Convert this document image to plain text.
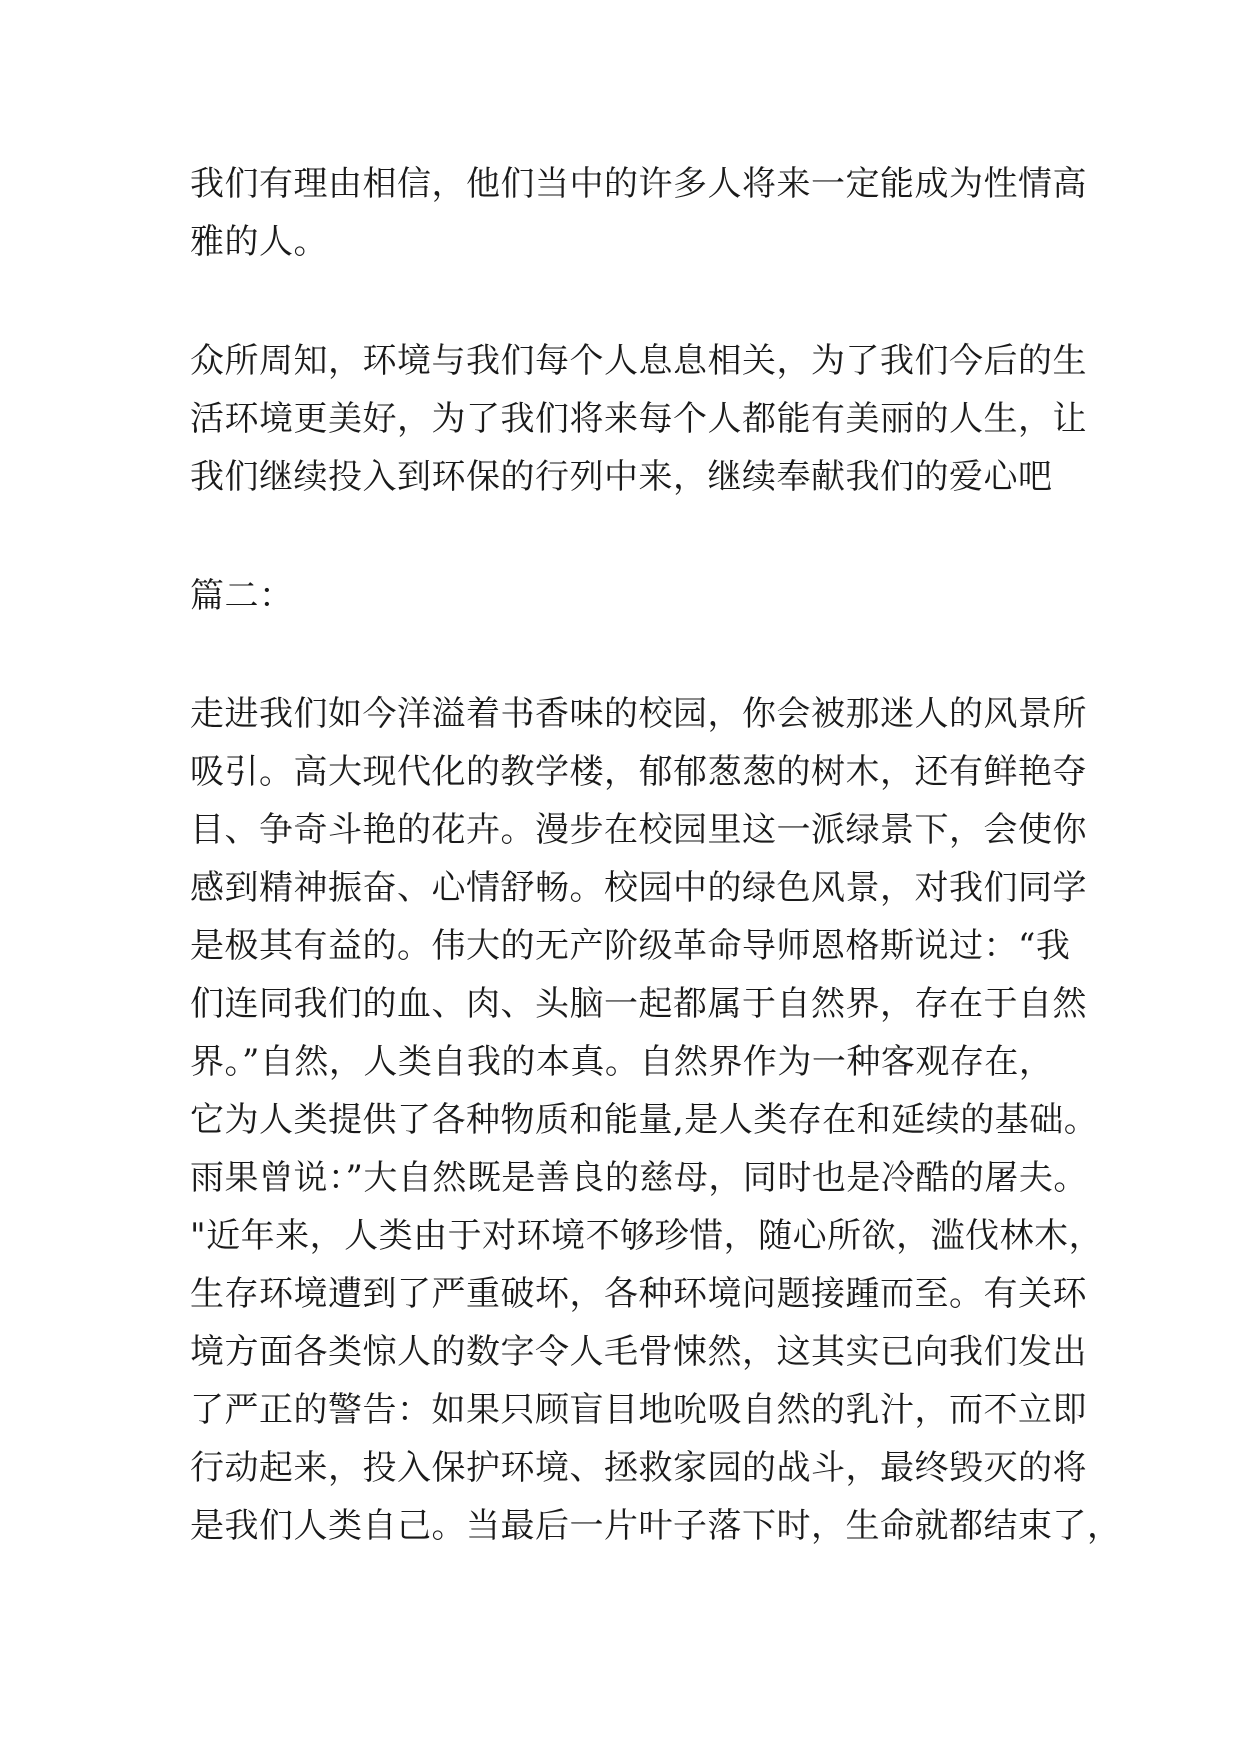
我们有理由相信，他们当中的许多人将来一定能成为性情高
雅的人。
众所周知，环境与我们每个人息息相关，为了我们今后的生
活环境更美好，为了我们将来每个人都能有美丽的人生，让
我们继续投入到环保的行列中来，继续奉献我们的爱心吧
篇二：
走进我们如今洋溢着书香味的校园，你会被那迷人的风景所
吸引。高大现代化的教学楼，郁郁葱葱的树木，还有鲜艳夺
目、争奇斗艳的花卉。漫步在校园里这一派绿景下，会使你
感到精神振奋、心情舒畅。校园中的绿色风景，对我们同学
是极其有益的。伟大的无产阶级革命导师恩格斯说过：“我
们连同我们的血、肉、头脑一起都属于自然界，存在于自然
界。”自然，人类自我的本真。自然界作为一种客观存在，
它为人类提供了各种物质和能量,是人类存在和延续的基础。
雨果曾说：”大自然既是善良的慈母，同时也是冷酷的屠夫。
"近年来，人类由于对环境不够珍惜，随心所欲，滥伐林木，
生存环境遭到了严重破坏，各种环境问题接踵而至。有关环
境方面各类惊人的数字令人毛骨悚然，这其实已向我们发出
了严正的警告：如果只顾盲目地吮吸自然的乳汁，而不立即
行动起来，投入保护环境、拯救家园的战斗，最终毁灭的将
是我们人类自己。当最后一片叶子落下时，生命就都结束了，
